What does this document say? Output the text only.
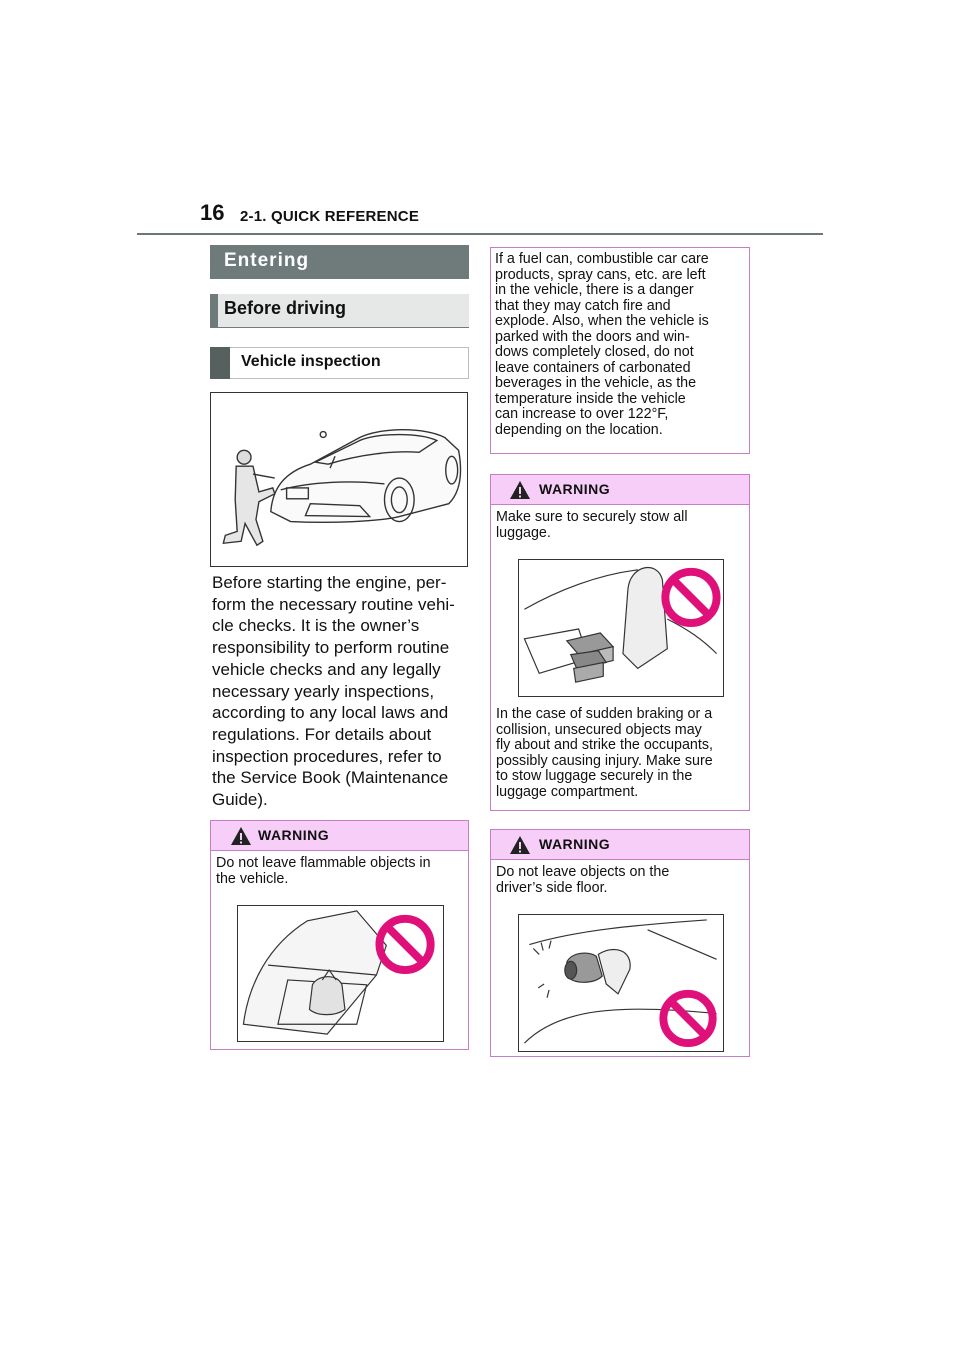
16 2-1. QUICK REFERENCE
Entering
Before driving
Vehicle inspection
Before starting the engine, per-
form the necessary routine vehi-
cle checks. It is the owner’s
responsibility to perform routine
vehicle checks and any legally
necessary yearly inspections,
according to any local laws and
regulations. For details about
inspection procedures, refer to
the Service Book (Maintenance
Guide).
WARNING
Do not leave flammable objects in
the vehicle.
If a fuel can, combustible car care
products, spray cans, etc. are left
in the vehicle, there is a danger
that they may catch fire and
explode. Also, when the vehicle is
parked with the doors and win-
dows completely closed, do not
leave containers of carbonated
beverages in the vehicle, as the
temperature inside the vehicle
can increase to over 122°F,
depending on the location.
WARNING
Make sure to securely stow all
luggage.
In the case of sudden braking or a
collision, unsecured objects may
fly about and strike the occupants,
possibly causing injury. Make sure
to stow luggage securely in the
luggage compartment.
WARNING
Do not leave objects on the
driver’s side floor.
